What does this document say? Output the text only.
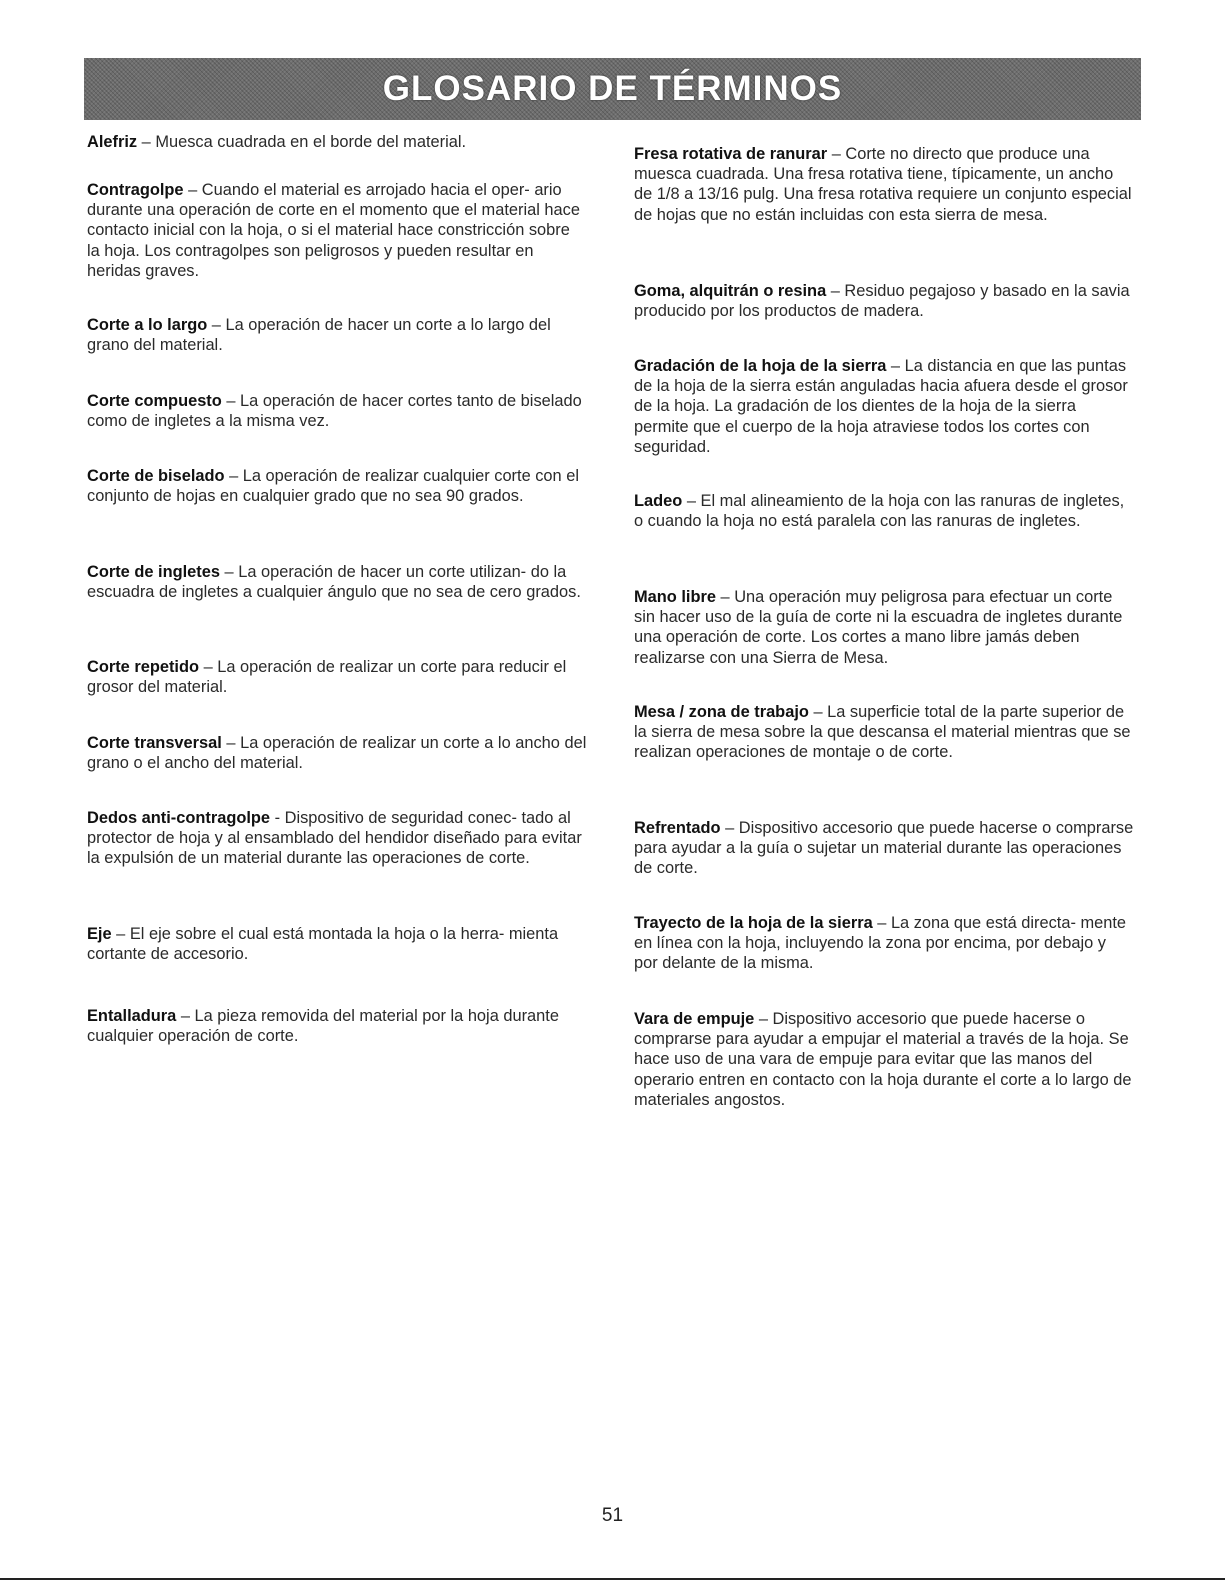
GLOSARIO DE TÉRMINOS

Alefriz – Muesca cuadrada en el borde del material.

Contragolpe – Cuando el material es arrojado hacia el oper- ario durante una operación de corte en el momento que el material hace contacto inicial con la hoja, o si el material hace constricción sobre la hoja. Los contragolpes son peligrosos y pueden resultar en heridas graves.

Corte a lo largo – La operación de hacer un corte a lo largo del grano del material.

Corte compuesto – La operación de hacer cortes tanto de biselado como de ingletes a la misma vez.

Corte de biselado – La operación de realizar cualquier corte con el conjunto de hojas en cualquier grado que no sea 90 grados.

Corte de ingletes – La operación de hacer un corte utilizan- do la escuadra de ingletes a cualquier ángulo que no sea de cero grados.

Corte repetido – La operación de realizar un corte para reducir el grosor del material.

Corte transversal – La operación de realizar un corte a lo ancho del grano o el ancho del material.

Dedos anti-contragolpe - Dispositivo de seguridad conec- tado al protector de hoja y al ensamblado del hendidor diseñado para evitar la expulsión de un material durante las operaciones de corte.

Eje – El eje sobre el cual está montada la hoja o la herra- mienta cortante de accesorio.

Entalladura – La pieza removida del material por la hoja durante cualquier operación de corte.

Fresa rotativa de ranurar – Corte no directo que produce una muesca cuadrada. Una fresa rotativa tiene, típicamente, un ancho de 1/8 a 13/16 pulg. Una fresa rotativa requiere un conjunto especial de hojas que no están incluidas con esta sierra de mesa.

Goma, alquitrán o resina – Residuo pegajoso y basado en la savia producido por los productos de madera.

Gradación de la hoja de la sierra – La distancia en que las puntas de la hoja de la sierra están anguladas hacia afuera desde el grosor de la hoja. La gradación de los dientes de la hoja de la sierra permite que el cuerpo de la hoja atraviese todos los cortes con seguridad.

Ladeo – El mal alineamiento de la hoja con las ranuras de ingletes, o cuando la hoja no está paralela con las ranuras de ingletes.

Mano libre – Una operación muy peligrosa para efectuar un corte sin hacer uso de la guía de corte ni la escuadra de ingletes durante una operación de corte. Los cortes a mano libre jamás deben realizarse con una Sierra de Mesa.

Mesa / zona de trabajo – La superficie total de la parte superior de la sierra de mesa sobre la que descansa el material mientras que se realizan operaciones de montaje o de corte.

Refrentado – Dispositivo accesorio que puede hacerse o comprarse para ayudar a la guía o sujetar un material durante las operaciones de corte.

Trayecto de la hoja de la sierra – La zona que está directa- mente en línea con la hoja, incluyendo la zona por encima, por debajo y por delante de la misma.

Vara de empuje – Dispositivo accesorio que puede hacerse o comprarse para ayudar a empujar el material a través de la hoja. Se hace uso de una vara de empuje para evitar que las manos del operario entren en contacto con la hoja durante el corte a lo largo de materiales angostos.

51
